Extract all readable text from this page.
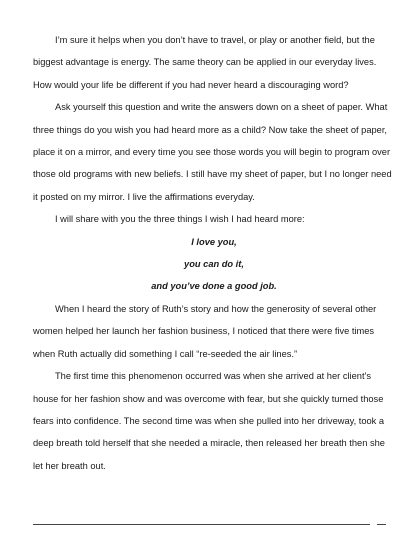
I’m sure it helps when you don’t have to travel, or play or another field, but the biggest advantage is energy. The same theory can be applied in our everyday lives. How would your life be different if you had never heard a discouraging word?

Ask yourself this question and write the answers down on a sheet of paper. What three things do you wish you had heard more as a child? Now take the sheet of paper, place it on a mirror, and every time you see those words you will begin to program over those old programs with new beliefs. I still have my sheet of paper, but I no longer need it posted on my mirror. I live the affirmations everyday.

I will share with you the three things I wish I had heard more:

I love you,

you can do it,

and you’ve done a good job.

When I heard the story of Ruth’s story and how the generosity of several other women helped her launch her fashion business, I noticed that there were five times when Ruth actually did something I call “re-seeded the air lines.”

The first time this phenomenon occurred was when she arrived at her client’s house for her fashion show and was overcome with fear, but she quickly turned those fears into confidence. The second time was when she pulled into her driveway, took a deep breath told herself that she needed a miracle, then released her breath then she let her breath out.
